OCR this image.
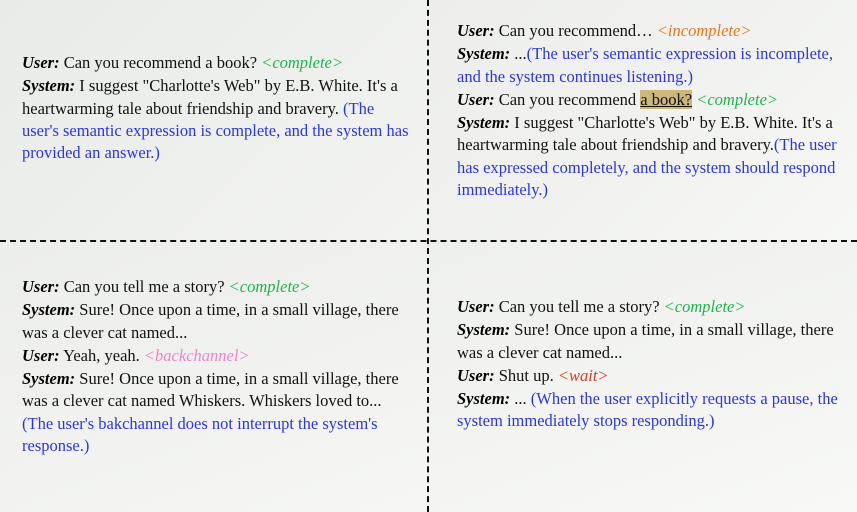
User: Can you recommend a book? <complete>

System: I suggest "Charlotte's Web" by E.B. White. It's a heartwarming tale about friendship and bravery. (The user's semantic expression is complete, and the system has provided an answer.)

User: Can you recommend… <incomplete>

System: ...(The user's semantic expression is incomplete, and the system continues listening.)

User: Can you recommend a book? <complete>

System: I suggest "Charlotte's Web" by E.B. White. It's a heartwarming tale about friendship and bravery.(The user has expressed completely, and the system should respond immediately.)

User: Can you tell me a story? <complete>

System: Sure! Once upon a time, in a small village, there was a clever cat named...

User: Yeah, yeah. <backchannel>

System: Sure! Once upon a time, in a small village, there was a clever cat named Whiskers. Whiskers loved to... (The user's bakchannel does not interrupt the system's response.)

User: Can you tell me a story? <complete>

System: Sure! Once upon a time, in a small village, there was a clever cat named...

User: Shut up. <wait>

System: ... (When the user explicitly requests a pause, the system immediately stops responding.)
